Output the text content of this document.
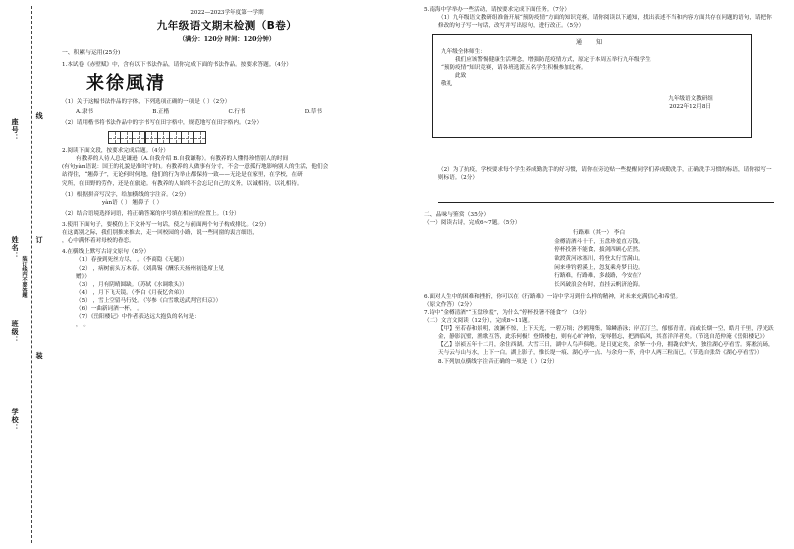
线
座号：
姓名： 订
装订线内不要答题
班级：
装
学校：
2022—2023学年度第一学期
九年级语文期末检测（B卷）
（满分：120分 时间：120分钟）
一、积累与运用(25分)
1.本试卷《赤壁赋》中，含有以下书法作品，请你完成下面的书法作品。按要求答题。（4分）
来 徐 風 清
（1）关于这幅书法作品的字体，下列选项正确的一项是（ ）（2分）
A.隶书	B.正楷	C.行书	D.草书
（2）请用楷书将书法作品中的字书写在田字格中，规范地写在田字格内。（2分）
2.阅读下面文段，按要求完成后题。（4分）
有教养的人待人总是谦逊（A.自我介绍 B.自我谦称）。有教养的人懂得珍惜别人的时间
(有句yàn语说：国王的礼貌是准时守时)。有教养的人做事有分寸，不会一意孤行地影响别人的生活，他们会
站得住，“翘鼻子”，无论何时何地，他们的行为举止都保持一致——无论是在家里，在学校，在研
究所，在田野的劳作，还是在旅途。有教养的人始终不会忘记自己的义务，以诚相待，以礼相待。
（1）根据拼音写汉字，给加横线的字注音。（2分）
yàn语（ ） 翘鼻子（ ）
（2）结合语境选择词语，将正确答案的序号填在相应的位置上。（1分）
3.使用下面句子，要模仿上下文补写一句话，使之与前面两个句子构成排比。（2分）
在这离别之际，我们别推来推去，走一回校园的小路，说一些同窗的衷言细语，
，心中满怀着对母校的眷恋。
4.在横线上默写古诗文原句（8分）
（1）春蚕到死丝方尽， 。（李商隐《无题》）
（2） ，病树前头万木春。（刘禹锡《酬乐天扬州初逢席上见
赠》）
（3） ，月有阴晴圆缺。（苏轼《水调歌头》）
（4） ，月下飞天镜。（李白《月夜忆舍弟》）
（5） ，雪上空留马行处。（岑参《白雪歌送武判官归京》）
（6）一曲新词酒一杯， 。
（7）《岳阳楼记》中作者表达远大抱负的名句是：
， 。
5.南海中学举办一些活动，请按要求完成下面任务。（7分）
（1）九年级语文教研组准备开展“预防疫情”方面的知识竞赛，请你阅读以下通知，找出表述不当和内容方面共存在问题的语句，请把你修改的句子写一句话，改写并写出原句，进行改正。（5分）
通 知
九年级全体师生：
我们应该警惕健康生活理念，增强防范疫情方式，原定于本周五举行九年级学生
“预防疫情”知识竞赛，请各班选派五名学生积极参加比赛。
此致
敬礼
九年级语文教研组
2022年12月8日
（2）为了抗疫，学校要求每个学生养成勤洗手的好习惯，请你在旁边贴一些提醒同学们养成勤洗手，正确洗手习惯的标语，请你拟写一则标语。（2分）
二、品味与鉴赏（35分）
（一）阅读古诗，完成6~7题。（5分）
行路难（其一） 李白
金樽清酒斗十千，玉盘珍羞直万钱。
停杯投箸不能食，拔剑四顾心茫然。
欲渡黄河冰塞川，将登太行雪满山。
闲来垂钓碧溪上，忽复乘舟梦日边。
行路难，行路难，多歧路，今安在？
长风破浪会有时，直挂云帆济沧海。
6.面对人生中的困难和挫折，你可以在《行路难》一诗中学习到什么样的精神，对未来充满信心和希望。
（原文作答）（2分）
7.诗中“金樽清酒”“玉盘珍羞”，为什么“停杯投箸不能食”？（3分）
（二）文言文阅读（12分），完成8~11题。
【甲】至若春和景明，波澜不惊，上下天光，一碧万顷；沙鸥翔集，锦鳞游泳；岸芷汀兰，郁郁青青。而或长烟一空，皓月千里，浮光跃金，静影沉璧，渔歌互答，此乐何极！登斯楼也，则有心旷神怡，宠辱偕忘，把酒临风，其喜洋洋者矣。（节选自范仲淹《岳阳楼记》）
【乙】崇祯五年十二月，余住西湖。大雪三日，湖中人鸟声俱绝。是日更定矣，余拏一小舟，拥毳衣炉火，独往湖心亭看雪。雾凇沆砀，天与云与山与水，上下一白。湖上影子，惟长堤一痕、湖心亭一点、与余舟一芥，舟中人两三粒而已。（节选自张岱《湖心亭看雪》）
8.下列加点横线字注音正确的一项是（ ）（2分）
